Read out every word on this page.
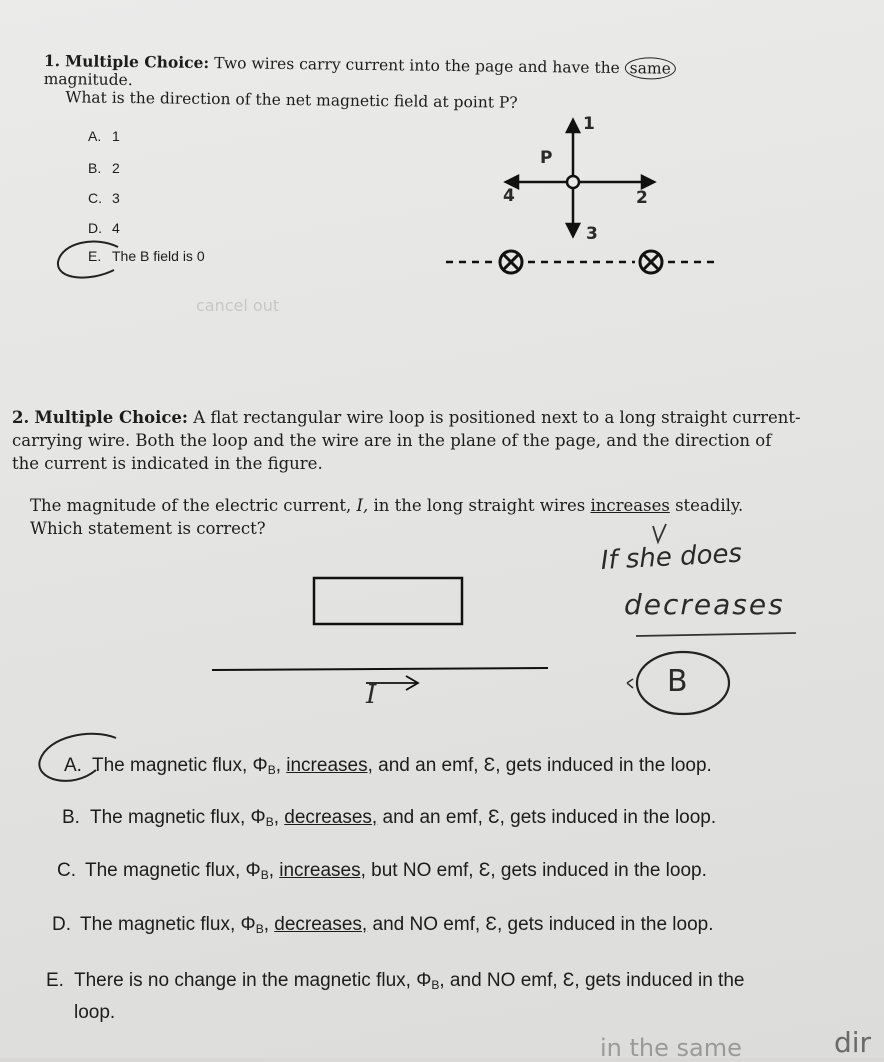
cancel out
1. Multiple Choice: Two wires carry current into the page and have the same magnitude.
What is the direction of the net magnetic field at point P?
A. 1
B. 2
C. 3
D. 4
E. The B field is 0
P
1
2
3
4
2. Multiple Choice: A flat rectangular wire loop is positioned next to a long straight current-carrying wire. Both the loop and the wire are in the plane of the page, and the direction of the current is indicated in the figure.
The magnitude of the electric current, I, in the long straight wires increases steadily.
Which statement is correct?
I
If she does
decreases
B
A. The magnetic flux, $\Phi_B$, increases, and an emf, Ɛ, gets induced in the loop.
B. The magnetic flux, $\Phi_B$, decreases, and an emf, Ɛ, gets induced in the loop.
C. The magnetic flux, $\Phi_B$, increases, but NO emf, Ɛ, gets induced in the loop.
D. The magnetic flux, $\Phi_B$, decreases, and NO emf, Ɛ, gets induced in the loop.
E. There is no change in the magnetic flux, $\Phi_B$, and NO emf, Ɛ, gets induced in the
loop.
in the same	dir
